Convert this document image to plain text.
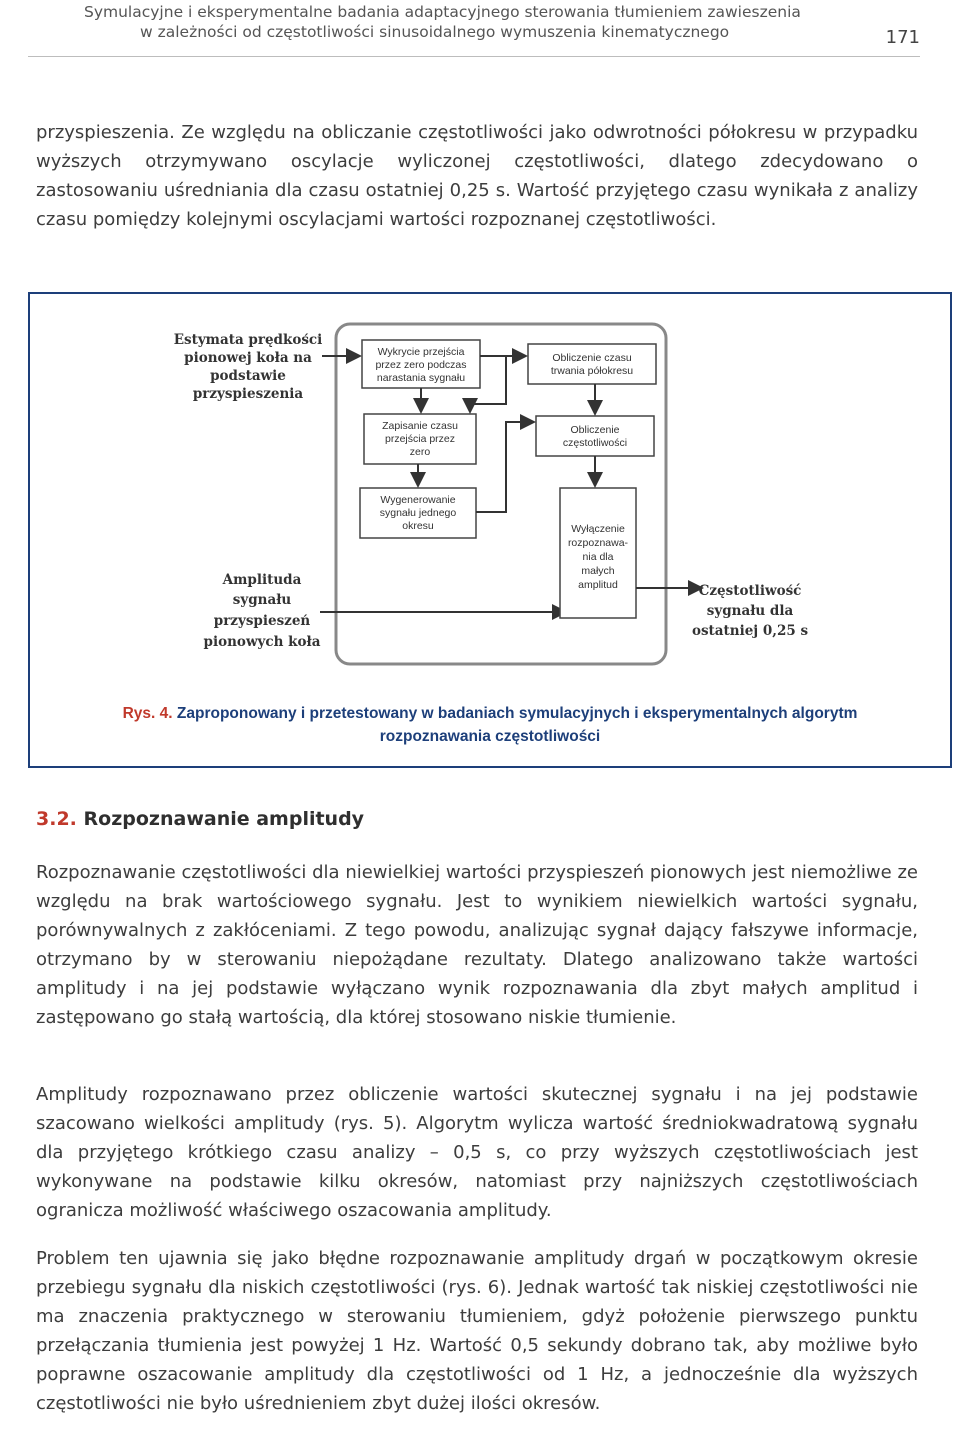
Symulacyjne i eksperymentalne badania adaptacyjnego sterowania tłumieniem zawieszenia
w zależności od częstotliwości sinusoidalnego wymuszenia kinematycznego	171

przyspieszenia. Ze względu na obliczanie częstotliwości jako odwrotności półokresu w przypadku wyższych otrzymywano oscylacje wyliczonej częstotliwości, dlatego zdecydowano o zastosowaniu uśredniania dla czasu ostatniej 0,25 s. Wartość przyjętego czasu wynikała z analizy czasu pomiędzy kolejnymi oscylacjami wartości rozpoznanej częstotliwości.

Estymata prędkości
pionowej koła na
podstawie
przyspieszenia
Amplituda
sygnału
przyspieszeń
pionowych koła
Częstotliwość
sygnału dla
ostatniej 0,25 s
Wykrycie przejścia
przez zero podczas
narastania sygnału
Zapisanie czasu
przejścia przez
zero
Wygenerowanie
sygnału jednego
okresu
Obliczenie czasu
trwania półokresu
Obliczenie
częstotliwości
Wyłączenie
rozpoznawa-
nia dla
małych
amplitud
Rys. 4. Zaproponowany i przetestowany w badaniach symulacyjnych i eksperymentalnych algorytm
rozpoznawania częstotliwości
3.2. Rozpoznawanie amplitudy

Rozpoznawanie częstotliwości dla niewielkiej wartości przyspieszeń pionowych jest niemożliwe ze względu na brak wartościowego sygnału. Jest to wynikiem niewielkich wartości sygnału, porównywalnych z zakłóceniami. Z tego powodu, analizując sygnał dający fałszywe informacje, otrzymano by w sterowaniu niepożądane rezultaty. Dlatego analizowano także wartości amplitudy i na jej podstawie wyłączano wynik rozpoznawania dla zbyt małych amplitud i zastępowano go stałą wartością, dla której stosowano niskie tłumienie.

Amplitudy rozpoznawano przez obliczenie wartości skutecznej sygnału i na jej podstawie szacowano wielkości amplitudy (rys. 5). Algorytm wylicza wartość średniokwadratową sygnału dla przyjętego krótkiego czasu analizy – 0,5 s, co przy wyższych częstotliwościach jest wykonywane na podstawie kilku okresów, natomiast przy najniższych częstotliwościach ogranicza możliwość właściwego oszacowania amplitudy.

Problem ten ujawnia się jako błędne rozpoznawanie amplitudy drgań w początkowym okresie przebiegu sygnału dla niskich częstotliwości (rys. 6). Jednak wartość tak niskiej częstotliwości nie ma znaczenia praktycznego w sterowaniu tłumieniem, gdyż położenie pierwszego punktu przełączania tłumienia jest powyżej 1 Hz. Wartość 0,5 sekundy dobrano tak, aby możliwe było poprawne oszacowanie amplitudy dla częstotliwości od 1 Hz, a jednocześnie dla wyższych częstotliwości nie było uśrednieniem zbyt dużej ilości okresów.
